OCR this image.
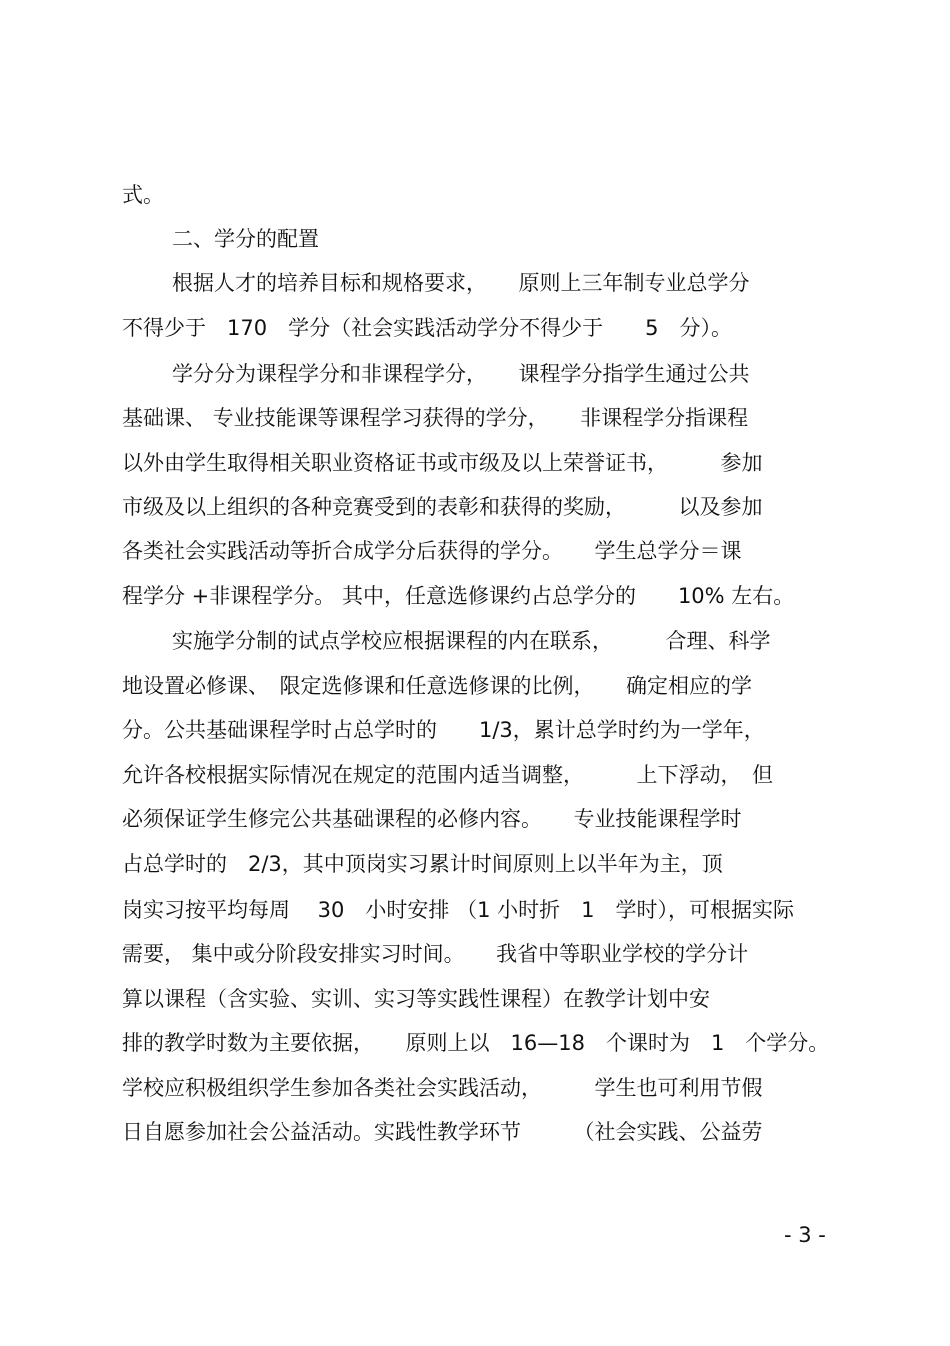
式。
二、学分的配置
根据人才的培养目标和规格要求，　　原则上三年制专业总学分
不得少于　170　学分（社会实践活动学分不得少于　　5　分）。
学分分为课程学分和非课程学分，　　课程学分指学生通过公共
基础课、 专业技能课等课程学习获得的学分，　　非课程学分指课程
以外由学生取得相关职业资格证书或市级及以上荣誉证书，　　　参加
市级及以上组织的各种竞赛受到的表彰和获得的奖励，　　　以及参加
各类社会实践活动等折合成学分后获得的学分。　　学生总学分＝课
程学分 +非课程学分。 其中，任意选修课约占总学分的　　10% 左右。
实施学分制的试点学校应根据课程的内在联系，　　　合理、科学
地设置必修课、　限定选修课和任意选修课的比例，　　确定相应的学
分。公共基础课程学时占总学时的　　1/3，累计总学时约为一学年，
允许各校根据实际情况在规定的范围内适当调整，　　　上下浮动，　但
必须保证学生修完公共基础课程的必修内容。　　专业技能课程学时
占总学时的　2/3，其中顶岗实习累计时间原则上以半年为主，顶
岗实习按平均每周　 30　小时安排 （1 小时折　1　学时），可根据实际
需要， 集中或分阶段安排实习时间。　　我省中等职业学校的学分计
算以课程（含实验、实训、实习等实践性课程）在教学计划中安
排的教学时数为主要依据，　　原则上以　16—18　个课时为　1　个学分。
学校应积极组织学生参加各类社会实践活动，　　　学生也可利用节假
日自愿参加社会公益活动。实践性教学环节　　　（社会实践、公益劳
- 3 -
